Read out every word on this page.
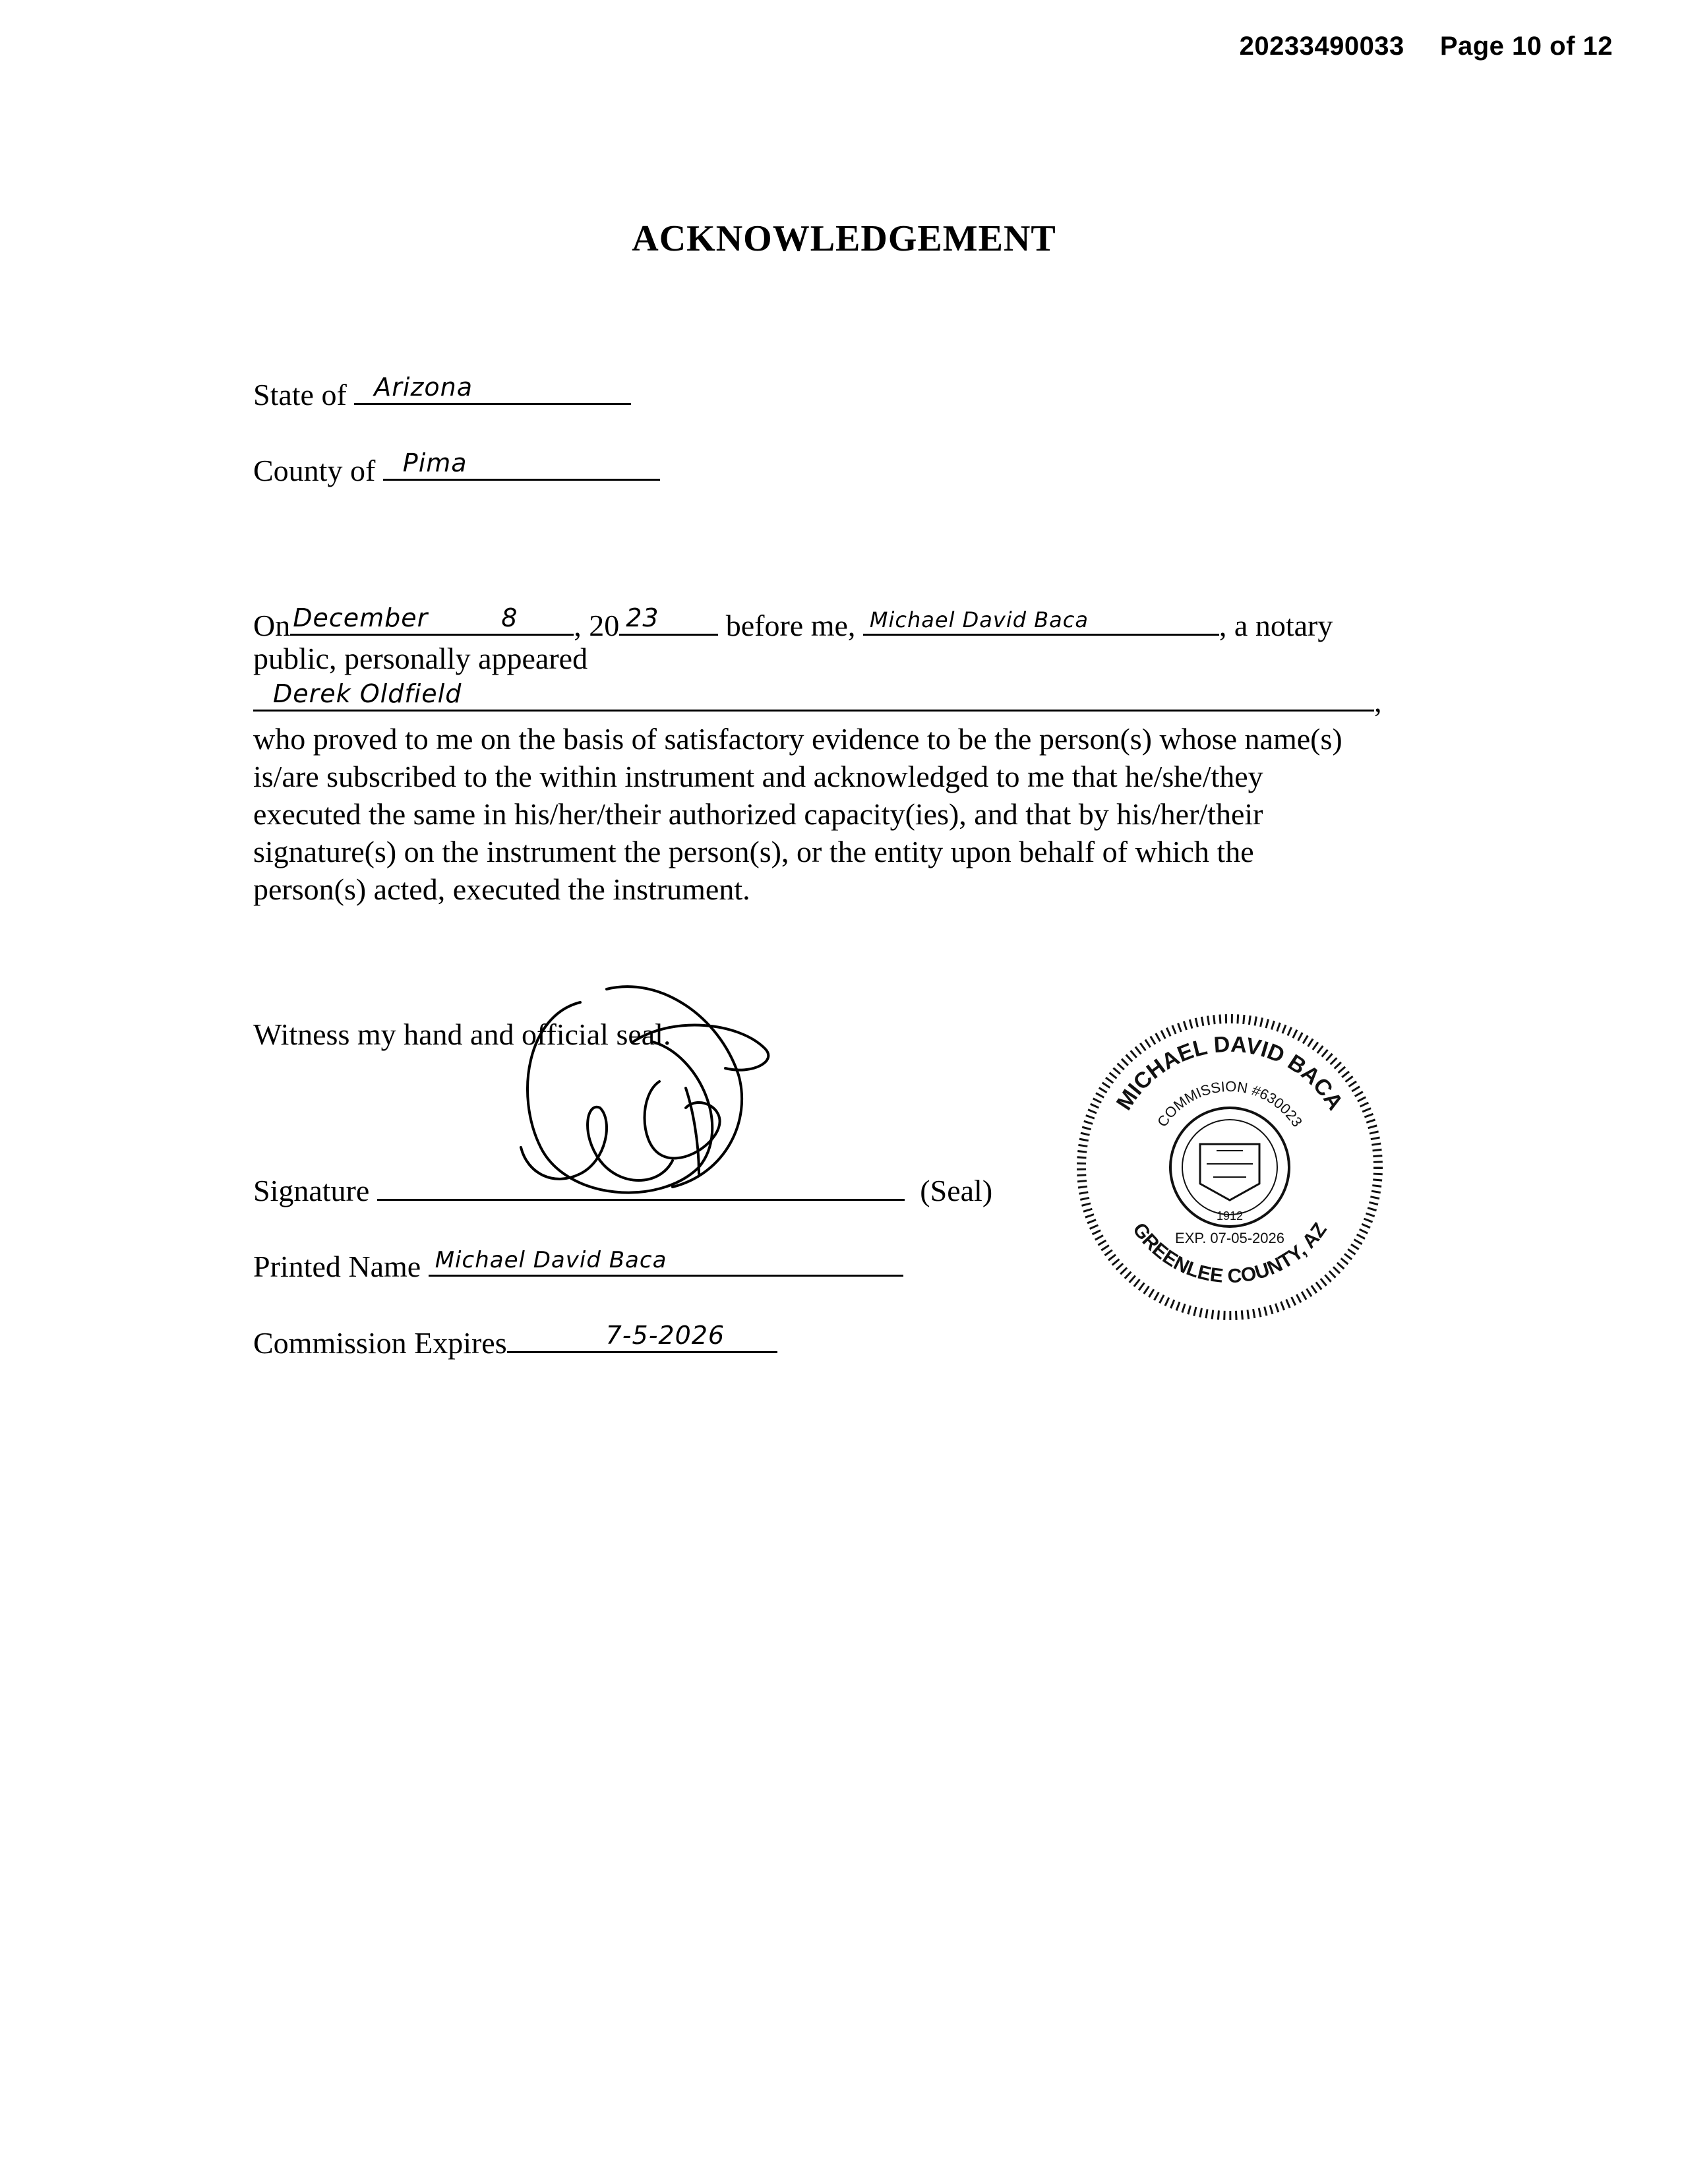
20233490033 Page 10 of 12
ACKNOWLEDGEMENT
State of Arizona
County of Pima
On December	8 , 20 23 before me, Michael David Baca	, a notary
public, personally appeared
Derek Oldfield	,
who proved to me on the basis of satisfactory evidence to be the person(s) whose name(s)
is/are subscribed to the within instrument and acknowledged to me that he/she/they
executed the same in his/her/their authorized capacity(ies), and that by his/her/their
signature(s) on the instrument the person(s), or the entity upon behalf of which the
person(s) acted, executed the instrument.
Witness my hand and official seal.
Signature	(Seal)
Printed Name Michael David Baca
Commission Expires	7-5-2026
MICHAEL DAVID BACA
GREENLEE COUNTY, AZ
COMMISSION #630023
EXP. 07-05-2026
1912
